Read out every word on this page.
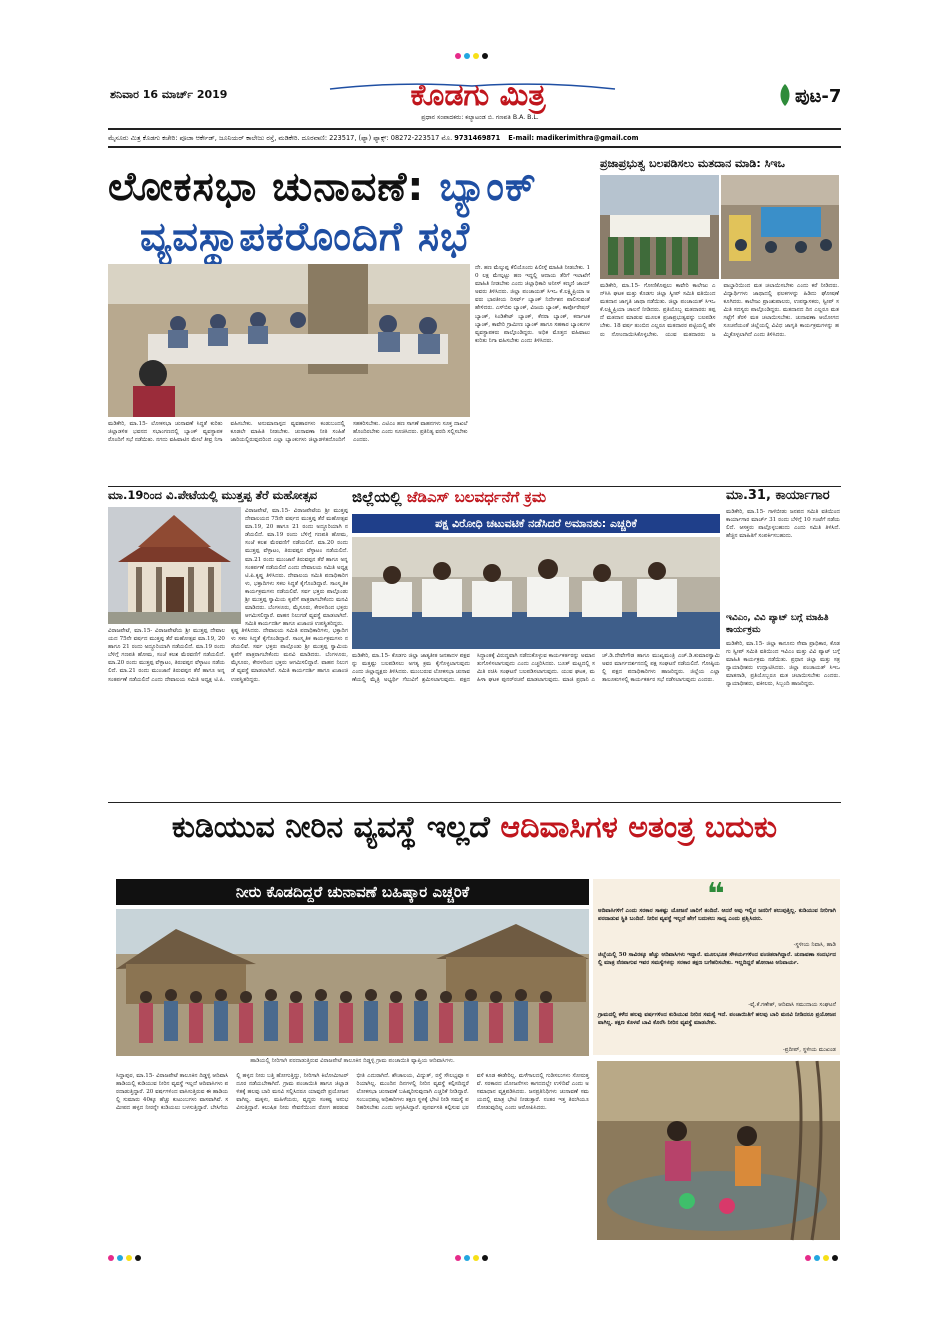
ಶನಿವಾರ 16 ಮಾರ್ಚ್ 2019	ಕೊಡಗು ಮಿತ್ರ
ಪ್ರಧಾನ ಸಂಪಾದಕರು: ಕಲ್ಯಾಟಂಡ ಬಿ. ಗಣಪತಿ B.A. B.L.
ಪುಟ-7
ಮೈಸೂರು ಮಿತ್ರ ಕೊಡಗು ಕಚೇರಿ: ಪೂಜಾ ಆರ್ಕೇಡ್, ಜೂನಿಯರ್ ಕಾಲೇಜು ರಸ್ತೆ, ಮಡಿಕೇರಿ. ದೂರವಾಣಿ: 223517, (ಫ್ಯಾ) ಫ್ಯಾಕ್ಸ್: 08272-223517 ಮೊ. 9731469871 E-mail: madikerimithra@gmail.com
ಲೋಕಸಭಾ ಚುನಾವಣೆ: ಬ್ಯಾಂಕ್
ವ್ಯವಸ್ಥಾಪಕರೊಂದಿಗೆ ಸಭೆ
ದೇ. ಹಣ ಮೆಲ್ಕುಪ್ಪ ಕೆಲಿಯೊಂದು ಪಿಲೀಸ್ಗೆ ಮಾಹಿತಿ ನೀಡಬೇಕು. 10 ಲಕ್ಷ ಮೇಲ್ಪಟ್ಟು ಹಣ ಇದ್ದಲ್ಲಿ ಆದಾಯ ತೆರಿಗೆ ಇಲಾಖೆಗೆ ಮಾಹಿತಿ ನೀಡಬೇಕು ಎಂದು ಜಿಲ್ಲಾಧಿಕಾರಿ ಅನೀಸ್ ಕಣ್ಮಣಿ ಜಾಯ್ ಅವರು ತಿಳಿಸಿದರು. ಜಿಲ್ಲಾ ಪಂಚಾಯತ್ ಸಿಇಒ ಕೆ.ಲಕ್ಷ್ಮಿಪ್ರಿಯಾ ಅವರು ಭಾರತೀಯ ರಿಸರ್ವ್ ಬ್ಯಾಂಕ್ ನಿರ್ದೇಶನ ಪಾಲಿಸುವಂತೆ ಹೇಳಿದರು. ಎಸ್‌ಬಿಐ ಬ್ಯಾಂಕ್, ವಿಜಯ ಬ್ಯಾಂಕ್, ಕಾರ್ಪೊರೇಷನ್ ಬ್ಯಾಂಕ್, ಸಿಂಡಿಕೇಟ್ ಬ್ಯಾಂಕ್, ಕೆನರಾ ಬ್ಯಾಂಕ್, ಕರ್ನಾಟಕ ಬ್ಯಾಂಕ್, ಕಾವೇರಿ ಗ್ರಾಮೀಣ ಬ್ಯಾಂಕ್ ಹಾಗೂ ಸಹಕಾರ ಬ್ಯಾಂಕುಗಳ ವ್ಯವಸ್ಥಾಪಕರು ಪಾಲ್ಗೊಂಡಿದ್ದರು. ಅಧಿಕ ಮೊತ್ತದ ವಹಿವಾಟು ಕುರಿತು ನಿಗಾ ವಹಿಸಬೇಕು ಎಂದು ತಿಳಿಸಿದರು.
ಮಡಿಕೇರಿ, ಮಾ.15- ಲೋಕಸಭಾ ಚುನಾವಣೆ ಸಿದ್ಧತೆ ಕುರಿತು ಜಿಲ್ಲಾಡಳಿತ ಭವನದ ಸಭಾಂಗಣದಲ್ಲಿ ಬ್ಯಾಂಕ್ ವ್ಯವಸ್ಥಾಪಕರೊಂದಿಗೆ ಸಭೆ ನಡೆಯಿತು. ನಗದು ವಹಿವಾಟಿನ ಮೇಲೆ ತೀವ್ರ ನಿಗಾ ವಹಿಸಬೇಕು. ಅನುಮಾನಾಸ್ಪದ ವ್ಯವಹಾರಗಳು ಕಂಡುಬಂದಲ್ಲಿ ಕೂಡಲೇ ಮಾಹಿತಿ ನೀಡಬೇಕು. ಚುನಾವಣಾ ನೀತಿ ಸಂಹಿತೆ ಜಾರಿಯಲ್ಲಿರುವುದರಿಂದ ಎಲ್ಲಾ ಬ್ಯಾಂಕುಗಳು ಜಿಲ್ಲಾಡಳಿತದೊಂದಿಗೆ ಸಹಕರಿಸಬೇಕು. ಎಟಿಎಂ ಹಣ ಸಾಗಣೆ ವಾಹನಗಳು ಸೂಕ್ತ ದಾಖಲೆ ಹೊಂದಿರಬೇಕು ಎಂದು ಸೂಚಿಸಿದರು. ಪ್ರತಿನಿತ್ಯ ವರದಿ ಸಲ್ಲಿಸಬೇಕು ಎಂದರು.
ಪ್ರಜಾಪ್ರಭುತ್ವ ಬಲಪಡಿಸಲು ಮತದಾನ ಮಾಡಿ: ಸಿಇಒ
ಮಡಿಕೇರಿ, ಮಾ.15- ಗೋಣಿಕೊಪ್ಪಲು ಕಾವೇರಿ ಕಾಲೇಜು ಎನ್‌ಸಿಸಿ ಘಟಕ ಮತ್ತು ಕೊಡಗು ಜಿಲ್ಲಾ ಸ್ವೀಪ್ ಸಮಿತಿ ವತಿಯಿಂದ ಮತದಾನ ಜಾಗೃತಿ ಜಾಥಾ ನಡೆಯಿತು. ಜಿಲ್ಲಾ ಪಂಚಾಯತ್ ಸಿಇಒ ಕೆ.ಲಕ್ಷ್ಮಿಪ್ರಿಯಾ ಚಾಲನೆ ನೀಡಿದರು. ಪ್ರತಿಯೊಬ್ಬ ಮತದಾರರು ತಪ್ಪದೆ ಮತದಾನ ಮಾಡುವ ಮೂಲಕ ಪ್ರಜಾಪ್ರಭುತ್ವವನ್ನು ಬಲಪಡಿಸಬೇಕು. 18 ವರ್ಷ ತುಂಬಿದ ಎಲ್ಲರೂ ಮತದಾರರ ಪಟ್ಟಿಯಲ್ಲಿ ಹೆಸರು ನೋಂದಾಯಿಸಿಕೊಳ್ಳಬೇಕು. ಯುವ ಮತದಾರರು ಜವಾಬ್ದಾರಿಯಿಂದ ಮತ ಚಲಾಯಿಸಬೇಕು ಎಂದು ಕರೆ ನೀಡಿದರು. ವಿದ್ಯಾರ್ಥಿಗಳು ಜಾಥಾದಲ್ಲಿ ಫಲಕಗಳನ್ನು ಹಿಡಿದು ಘೋಷಣೆ ಕೂಗಿದರು. ಕಾಲೇಜು ಪ್ರಾಂಶುಪಾಲರು, ಉಪನ್ಯಾಸಕರು, ಸ್ವೀಪ್ ಸಮಿತಿ ಸದಸ್ಯರು ಪಾಲ್ಗೊಂಡಿದ್ದರು. ಮತದಾನದ ದಿನ ಎಲ್ಲರೂ ಮತಗಟ್ಟೆಗೆ ತೆರಳಿ ಮತ ಚಲಾಯಿಸಬೇಕು. ಚುನಾವಣಾ ಆಯೋಗದ ಸೂಚನೆಯಂತೆ ಜಿಲ್ಲೆಯಲ್ಲಿ ವಿವಿಧ ಜಾಗೃತಿ ಕಾರ್ಯಕ್ರಮಗಳನ್ನು ಹಮ್ಮಿಕೊಳ್ಳಲಾಗಿದೆ ಎಂದು ತಿಳಿಸಿದರು.
ಮಾ.19ರಿಂದ ವಿ.ಪೇಟೆಯಲ್ಲಿ ಮುತ್ತಪ್ಪ ತೆರೆ ಮಹೋತ್ಸವ
ವಿರಾಜಪೇಟೆ, ಮಾ.15- ವಿರಾಜಪೇಟೆಯ ಶ್ರೀ ಮುತ್ತಪ್ಪ ದೇವಾಲಯದ 75ನೇ ವರ್ಷದ ಮುತ್ತಪ್ಪ ತೆರೆ ಮಹೋತ್ಸವ ಮಾ.19, 20 ಹಾಗೂ 21 ರಂದು ಅದ್ಧೂರಿಯಾಗಿ ನಡೆಯಲಿದೆ. ಮಾ.19 ರಂದು ಬೆಳಿಗ್ಗೆ ಗಣಪತಿ ಹೋಮ, ಸಂಜೆ ಕಲಶ ಮೆರವಣಿಗೆ ನಡೆಯಲಿದೆ. ಮಾ.20 ರಂದು ಮುತ್ತಪ್ಪ ವೆಳ್ಳಾಟಂ, ತಿರುವಪ್ಪನ ವೆಳ್ಳಾಟಂ ನಡೆಯಲಿದೆ. ಮಾ.21 ರಂದು ಮುಂಜಾನೆ ತಿರುವಪ್ಪನ ತೆರೆ ಹಾಗೂ ಅನ್ನಸಂತರ್ಪಣೆ ನಡೆಯಲಿದೆ ಎಂದು ದೇವಾಲಯ ಸಮಿತಿ ಅಧ್ಯಕ್ಷ ಟಿ.ಪಿ.ಕೃಷ್ಣ ತಿಳಿಸಿದರು. ದೇವಾಲಯ ಸಮಿತಿ ಪದಾಧಿಕಾರಿಗಳು, ಭಕ್ತಾದಿಗಳು ಸಕಲ ಸಿದ್ಧತೆ ಕೈಗೊಂಡಿದ್ದಾರೆ. ಸಾಂಸ್ಕೃತಿಕ ಕಾರ್ಯಕ್ರಮಗಳು ನಡೆಯಲಿವೆ. ಸರ್ವ ಭಕ್ತರು ಪಾಲ್ಗೊಂಡು ಶ್ರೀ ಮುತ್ತಪ್ಪ ಸ್ವಾಮಿಯ ಕೃಪೆಗೆ ಪಾತ್ರರಾಗಬೇಕೆಂದು ಮನವಿ ಮಾಡಿದರು. ಬೆಂಗಳೂರು, ಮೈಸೂರು, ಕೇರಳದಿಂದ ಭಕ್ತರು ಆಗಮಿಸಲಿದ್ದಾರೆ. ವಾಹನ ನಿಲುಗಡೆ ವ್ಯವಸ್ಥೆ ಮಾಡಲಾಗಿದೆ. ಸಮಿತಿ ಕಾರ್ಯದರ್ಶಿ ಹಾಗೂ ಖಜಾಂಚಿ ಉಪಸ್ಥಿತರಿದ್ದರು.
ವಿರಾಜಪೇಟೆ, ಮಾ.15- ವಿರಾಜಪೇಟೆಯ ಶ್ರೀ ಮುತ್ತಪ್ಪ ದೇವಾಲಯದ 75ನೇ ವರ್ಷದ ಮುತ್ತಪ್ಪ ತೆರೆ ಮಹೋತ್ಸವ ಮಾ.19, 20 ಹಾಗೂ 21 ರಂದು ಅದ್ಧೂರಿಯಾಗಿ ನಡೆಯಲಿದೆ. ಮಾ.19 ರಂದು ಬೆಳಿಗ್ಗೆ ಗಣಪತಿ ಹೋಮ, ಸಂಜೆ ಕಲಶ ಮೆರವಣಿಗೆ ನಡೆಯಲಿದೆ. ಮಾ.20 ರಂದು ಮುತ್ತಪ್ಪ ವೆಳ್ಳಾಟಂ, ತಿರುವಪ್ಪನ ವೆಳ್ಳಾಟಂ ನಡೆಯಲಿದೆ. ಮಾ.21 ರಂದು ಮುಂಜಾನೆ ತಿರುವಪ್ಪನ ತೆರೆ ಹಾಗೂ ಅನ್ನಸಂತರ್ಪಣೆ ನಡೆಯಲಿದೆ ಎಂದು ದೇವಾಲಯ ಸಮಿತಿ ಅಧ್ಯಕ್ಷ ಟಿ.ಪಿ.ಕೃಷ್ಣ ತಿಳಿಸಿದರು. ದೇವಾಲಯ ಸಮಿತಿ ಪದಾಧಿಕಾರಿಗಳು, ಭಕ್ತಾದಿಗಳು ಸಕಲ ಸಿದ್ಧತೆ ಕೈಗೊಂಡಿದ್ದಾರೆ. ಸಾಂಸ್ಕೃತಿಕ ಕಾರ್ಯಕ್ರಮಗಳು ನಡೆಯಲಿವೆ. ಸರ್ವ ಭಕ್ತರು ಪಾಲ್ಗೊಂಡು ಶ್ರೀ ಮುತ್ತಪ್ಪ ಸ್ವಾಮಿಯ ಕೃಪೆಗೆ ಪಾತ್ರರಾಗಬೇಕೆಂದು ಮನವಿ ಮಾಡಿದರು. ಬೆಂಗಳೂರು, ಮೈಸೂರು, ಕೇರಳದಿಂದ ಭಕ್ತರು ಆಗಮಿಸಲಿದ್ದಾರೆ. ವಾಹನ ನಿಲುಗಡೆ ವ್ಯವಸ್ಥೆ ಮಾಡಲಾಗಿದೆ. ಸಮಿತಿ ಕಾರ್ಯದರ್ಶಿ ಹಾಗೂ ಖಜಾಂಚಿ ಉಪಸ್ಥಿತರಿದ್ದರು.
ಜಿಲ್ಲೆಯಲ್ಲಿ ಜೆಡಿಎಸ್ ಬಲವರ್ಧನೆಗೆ ಕ್ರಮ
ಪಕ್ಷ ವಿರೋಧಿ ಚಟುವಟಿಕೆ ನಡೆಸಿದರೆ ಅಮಾನತು: ಎಚ್ಚರಿಕೆ
ಮಡಿಕೇರಿ, ಮಾ.15- ಕೊಡಗು ಜಿಲ್ಲಾ ಜಾತ್ಯತೀತ ಜನತಾದಳ ಪಕ್ಷವನ್ನು ಮತ್ತಷ್ಟು ಬಲಪಡಿಸಲು ಅಗತ್ಯ ಕ್ರಮ ಕೈಗೊಳ್ಳಲಾಗುವುದು ಎಂದು ಜಿಲ್ಲಾಧ್ಯಕ್ಷರು ತಿಳಿಸಿದರು. ಮುಂಬರುವ ಲೋಕಸಭಾ ಚುನಾವಣೆಯಲ್ಲಿ ಮೈತ್ರಿ ಅಭ್ಯರ್ಥಿ ಗೆಲುವಿಗೆ ಶ್ರಮಿಸಲಾಗುವುದು. ಪಕ್ಷದ ಸಿದ್ಧಾಂತಕ್ಕೆ ವಿರುದ್ಧವಾಗಿ ನಡೆದುಕೊಳ್ಳುವ ಕಾರ್ಯಕರ್ತರನ್ನು ಅಮಾನತುಗೊಳಿಸಲಾಗುವುದು ಎಂದು ಎಚ್ಚರಿಸಿದರು. ಬೂತ್ ಮಟ್ಟದಲ್ಲಿ ಸಮಿತಿ ರಚಿಸಿ ಸಂಘಟನೆ ಬಲಪಡಿಸಲಾಗುವುದು. ಯುವ ಘಟಕ, ಮಹಿಳಾ ಘಟಕ ಪುನರ್‌ರಚನೆ ಮಾಡಲಾಗುವುದು. ಮಾಜಿ ಪ್ರಧಾನಿ ಎಚ್.ಡಿ.ದೇವೇಗೌಡ ಹಾಗೂ ಮುಖ್ಯಮಂತ್ರಿ ಎಚ್.ಡಿ.ಕುಮಾರಸ್ವಾಮಿ ಅವರ ಮಾರ್ಗದರ್ಶನದಲ್ಲಿ ಪಕ್ಷ ಸಂಘಟನೆ ನಡೆಯಲಿದೆ. ಗೋಷ್ಠಿಯಲ್ಲಿ ಪಕ್ಷದ ಪದಾಧಿಕಾರಿಗಳು ಹಾಜರಿದ್ದರು. ಜಿಲ್ಲೆಯ ಎಲ್ಲಾ ತಾಲೂಕುಗಳಲ್ಲಿ ಕಾರ್ಯಕರ್ತರ ಸಭೆ ನಡೆಸಲಾಗುವುದು ಎಂದರು.
ಮಾ.31, ಕಾರ್ಯಾಗಾರ
ಮಡಿಕೇರಿ, ಮಾ.15- ಗಾಳಿಬೀಡು ಜನಪದ ಸಮಿತಿ ವತಿಯಿಂದ ಕಾರ್ಯಾಗಾರ ಮಾರ್ಚ್ 31 ರಂದು ಬೆಳಿಗ್ಗೆ 10 ಗಂಟೆಗೆ ನಡೆಯಲಿದೆ. ಆಸಕ್ತರು ಪಾಲ್ಗೊಳ್ಳಬಹುದು ಎಂದು ಸಮಿತಿ ತಿಳಿಸಿದೆ. ಹೆಚ್ಚಿನ ಮಾಹಿತಿಗೆ ಸಂಪರ್ಕಿಸಬಹುದು.
ಇವಿಎಂ, ವಿವಿ ಪ್ಯಾಟ್ ಬಗ್ಗೆ ಮಾಹಿತಿ ಕಾರ್ಯಕ್ರಮ
ಮಡಿಕೇರಿ, ಮಾ.15- ಜಿಲ್ಲಾ ಕಾನೂನು ಸೇವಾ ಪ್ರಾಧಿಕಾರ, ಕೊಡಗು ಸ್ವೀಪ್ ಸಮಿತಿ ವತಿಯಿಂದ ಇವಿಎಂ ಮತ್ತು ವಿವಿ ಪ್ಯಾಟ್ ಬಗ್ಗೆ ಮಾಹಿತಿ ಕಾರ್ಯಕ್ರಮ ನಡೆಯಿತು. ಪ್ರಧಾನ ಜಿಲ್ಲಾ ಮತ್ತು ಸತ್ರ ನ್ಯಾಯಾಧೀಶರು ಉದ್ಘಾಟಿಸಿದರು. ಜಿಲ್ಲಾ ಪಂಚಾಯತ್ ಸಿಇಒ ಮಾತನಾಡಿ, ಪ್ರತಿಯೊಬ್ಬರೂ ಮತ ಚಲಾಯಿಸಬೇಕು ಎಂದರು. ನ್ಯಾಯಾಧೀಶರು, ವಕೀಲರು, ಸಿಬ್ಬಂದಿ ಹಾಜರಿದ್ದರು.
ಕುಡಿಯುವ ನೀರಿನ ವ್ಯವಸ್ಥೆ ಇಲ್ಲದೆ ಆದಿವಾಸಿಗಳ ಅತಂತ್ರ ಬದುಕು
ನೀರು ಕೊಡದಿದ್ದರೆ ಚುನಾವಣೆ ಬಹಿಷ್ಕಾರ ಎಚ್ಚರಿಕೆ
ಹಾಡಿಯಲ್ಲಿ ನೀರಿಗಾಗಿ ಪರದಾಡುತ್ತಿರುವ ವಿರಾಜಪೇಟೆ ತಾಲೂಕಿನ ದಿಡ್ಡಳ್ಳಿ ಗ್ರಾಮ ಪಂಚಾಯಿತಿ ವ್ಯಾಪ್ತಿಯ ಆದಿವಾಸಿಗಳು.
❝
ಆದಿವಾಸಿಗಳಿಗೆ ಎಂದು ಸರಕಾರ ಸಾಕಷ್ಟು ಯೋಜನೆ ಜಾರಿಗೆ ತಂದಿದೆ. ಆದರೆ ಅವು ಇಲ್ಲಿನ ಜನರಿಗೆ ತಲುಪುತ್ತಿಲ್ಲ. ಕುಡಿಯುವ ನೀರಿಗಾಗಿ ಪರದಾಡುವ ಸ್ಥಿತಿ ಬಂದಿದೆ. ನೀರಿನ ವ್ಯವಸ್ಥೆ ಇಲ್ಲದೆ ಹೇಗೆ ಬದುಕಲು ಸಾಧ್ಯ ಎಂದು ಪ್ರಶ್ನಿಸಿದರು.
-ಸ್ಥಳೀಯ ನಿವಾಸಿ, ಹಾಡಿ
ಜಿಲ್ಲೆಯಲ್ಲಿ 50 ಸಾವಿರಕ್ಕೂ ಹೆಚ್ಚು ಆದಿವಾಸಿಗಳು ಇದ್ದಾರೆ. ಮೂಲಭೂತ ಸೌಕರ್ಯಗಳಿಂದ ವಂಚಿತರಾಗಿದ್ದಾರೆ. ಚುನಾವಣಾ ಸಂದರ್ಭದಲ್ಲಿ ಮಾತ್ರ ನೆನಪಾಗುವ ಇವರ ಸಮಸ್ಯೆಗಳನ್ನು ಸರಕಾರ ತಕ್ಷಣ ಬಗೆಹರಿಸಬೇಕು. ಇಲ್ಲದಿದ್ದರೆ ಹೋರಾಟ ಅನಿವಾರ್ಯ.
-ವೈ.ಕೆ.ಗಣೇಶ್, ಆದಿವಾಸಿ ಸಮುದಾಯ ಸಂಘಟನೆ
ಗ್ರಾಮದಲ್ಲಿ ಕಳೆದ ಹಲವು ವರ್ಷಗಳಿಂದ ಕುಡಿಯುವ ನೀರಿನ ಸಮಸ್ಯೆ ಇದೆ. ಪಂಚಾಯಿತಿಗೆ ಹಲವು ಬಾರಿ ಮನವಿ ನೀಡಿದರೂ ಪ್ರಯೋಜನವಾಗಿಲ್ಲ. ತಕ್ಷಣ ಕೊಳವೆ ಬಾವಿ ಕೊರೆಸಿ ನೀರಿನ ವ್ಯವಸ್ಥೆ ಮಾಡಬೇಕು.
-ಪ್ರದೀಪ್, ಸ್ಥಳೀಯ ಮುಖಂಡ
ಸಿದ್ದಾಪುರ, ಮಾ.15- ವಿರಾಜಪೇಟೆ ತಾಲೂಕಿನ ದಿಡ್ಡಳ್ಳಿ ಆದಿವಾಸಿ ಹಾಡಿಯಲ್ಲಿ ಕುಡಿಯುವ ನೀರಿನ ವ್ಯವಸ್ಥೆ ಇಲ್ಲದೆ ಆದಿವಾಸಿಗಳು ಪರದಾಡುತ್ತಿದ್ದಾರೆ. 20 ವರ್ಷಗಳಿಂದ ವಾಸಿಸುತ್ತಿರುವ ಈ ಹಾಡಿಯಲ್ಲಿ ಸುಮಾರು 40ಕ್ಕೂ ಹೆಚ್ಚು ಕುಟುಂಬಗಳು ವಾಸವಾಗಿವೆ. ಸಮೀಪದ ಹಳ್ಳದ ನೀರನ್ನೇ ಕುಡಿಯಲು ಬಳಸುತ್ತಿದ್ದಾರೆ. ಬೇಸಿಗೆಯಲ್ಲಿ ಹಳ್ಳದ ನೀರು ಬತ್ತಿ ಹೋಗುತ್ತಿದ್ದು, ನೀರಿಗಾಗಿ ಕಿಲೋಮೀಟರ್ ದೂರ ನಡೆಯಬೇಕಾಗಿದೆ. ಗ್ರಾಮ ಪಂಚಾಯಿತಿ ಹಾಗೂ ಜಿಲ್ಲಾಡಳಿತಕ್ಕೆ ಹಲವು ಬಾರಿ ಮನವಿ ಸಲ್ಲಿಸಿದರೂ ಯಾವುದೇ ಪ್ರಯೋಜನವಾಗಿಲ್ಲ. ಮಕ್ಕಳು, ಮಹಿಳೆಯರು, ವೃದ್ಧರು ಸಂಕಷ್ಟ ಅನುಭವಿಸುತ್ತಿದ್ದಾರೆ. ಕಲುಷಿತ ನೀರು ಸೇವನೆಯಿಂದ ರೋಗ ಹರಡುವ ಭೀತಿ ಎದುರಾಗಿದೆ. ಶೌಚಾಲಯ, ವಿದ್ಯುತ್, ರಸ್ತೆ ಸೌಲಭ್ಯವೂ ಸರಿಯಾಗಿಲ್ಲ. ಮುಂದಿನ ದಿನಗಳಲ್ಲಿ ನೀರಿನ ವ್ಯವಸ್ಥೆ ಕಲ್ಪಿಸದಿದ್ದರೆ ಲೋಕಸಭಾ ಚುನಾವಣೆ ಬಹಿಷ್ಕರಿಸುವುದಾಗಿ ಎಚ್ಚರಿಕೆ ನೀಡಿದ್ದಾರೆ. ಸಂಬಂಧಪಟ್ಟ ಅಧಿಕಾರಿಗಳು ತಕ್ಷಣ ಸ್ಥಳಕ್ಕೆ ಭೇಟಿ ನೀಡಿ ಸಮಸ್ಯೆ ಪರಿಹರಿಸಬೇಕು ಎಂದು ಆಗ್ರಹಿಸಿದ್ದಾರೆ. ಪುನರ್ವಸತಿ ಕಲ್ಪಿಸುವ ಭರವಸೆ ಕೂಡ ಈಡೇರಿಲ್ಲ. ಮಳೆಗಾಲದಲ್ಲಿ ಗುಡಿಸಲುಗಳು ಸೋರುತ್ತವೆ. ಸರಕಾರದ ಯೋಜನೆಗಳು ಕಾಗದದಲ್ಲೇ ಉಳಿದಿವೆ ಎಂದು ಅಸಮಾಧಾನ ವ್ಯಕ್ತಪಡಿಸಿದರು. ಜನಪ್ರತಿನಿಧಿಗಳು ಚುನಾವಣೆ ಸಮಯದಲ್ಲಿ ಮಾತ್ರ ಭೇಟಿ ನೀಡುತ್ತಾರೆ. ನಂತರ ಇತ್ತ ತಿರುಗಿಯೂ ನೋಡುವುದಿಲ್ಲ ಎಂದು ಆರೋಪಿಸಿದರು.
